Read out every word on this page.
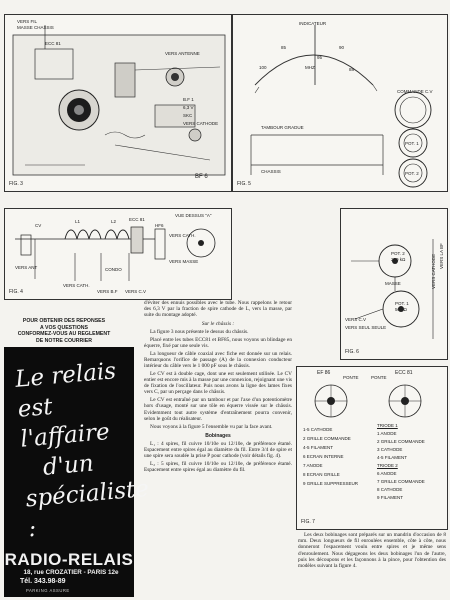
VERS FIL
MASSE CHASSIS
ECC 81
VERS ANTENNE
B.F 1
6,3 V
SKC
VERS CATHODE
BF 6
FIG. 3
INDICATEUR
85	90
100	MHZ	88
95
COMMANDE C.V
POT. 1
POT. 2
TAMBOUR GRADUE
CHASSIS
FIG. 5
VUE DESSUS "A"
L1	L2
CV
ECC 81
HF6
VERS CATH.
VERS MASSE
CONDO
VERS ANT
VERS CATH.
VERS B.F VERS C.V
FIG. 4
POT. 2
250 kΩ
MASSE
POT. 1
50 kΩ
VERS C.V
VERS SEUL SEULE
VERS CATHODE VERS LA BF
FIG. 6
EF 86
PONTE	PONTE
ECC 81
1-5 CATHODE
2 GRILLE COMMANDE
4-5 FILAMENT
6 ECRAN INTERNE
7 ANODE
8 ECRAN GRILLE
9 GRILLE SUPPRESSEUR
TRIODE 1
1 ANODE
2 GRILLE COMMANDE
3 CATHODE
4-5 FILAMENT
TRIODE 2
6 ANODE
7 GRILLE COMMANDE
8 CATHODE
9 FILAMENT
FIG. 7
POUR OBTENIR DES REPONSES
A VOS QUESTIONS
CONFORMEZ-VOUS AU REGLEMENT
DE NOTRE COURRIER
Le relais
est l'affaire
d'un
spécialiste :
RADIO-RELAIS
18, rue CROZATIER - PARIS 12e
Tél. 343.98-89
PARKING ASSURE

d'éviter des ennuis possibles avec le tube. Nous rappelons le retour des 6,3 V par la fraction de spire cathode de L, vers la masse, par suite du montage adopté.

Sur le châssis :

La figure 3 nous présente le dessus du châssis.

Placé entre les tubes ECC81 et BF85, nous voyons un blindage en équerre, fixé par une seule vis.

La longueur de câble coaxial avec fiche est donnée sur un relais. Remarquons l'orifice de passage (A) de la connexion conducteur intérieur du câble vers le 1 000 pF sous le châssis.

Le CV est à double cage, dont une est seulement utilisée. Le CV entier est encore mis à la masse par une connexion, rejoignant une vis de fixation de l'oscillateur. Puis nous avons la ligne des lames fixes vers C, par un perçage dans le châssis.

Le CV est entraîné par un tambour et par l'axe d'un potentiomètre hors d'usage, monté sur une tôle en équerre vissée sur le châssis. Evidemment tout autre système d'entraînement pourra convenir, selon le goût du réalisateur.

Nous voyons à la figure 5 l'ensemble vu par la face avant.

Bobinages

L₁ : 4 spires, fil cuivre 10/10e ou 12/10e, de préférence étamé. Espacement entre spires égal au diamètre du fil. Entre 3/4 de spire et une spire sera soudée la prise P pour cathode (voir détails fig. 4).

L₂ : 5 spires, fil cuivre 10/10e ou 12/10e, de préférence étamé. Espacement entre spires égal au diamètre du fil.

Les deux bobinages sont préparés sur un mandrin d'occasion de 8 mm. Deux longueurs de fil enroulées ensemble, côte à côte, nous donneront l'espacement voulu entre spires et je même sens d'enroulement. Nous dégageons les deux bobinages l'un de l'autre, puis les découpons et les façonnons à la pince, pour l'obtention des modèles suivant la figure 4.
